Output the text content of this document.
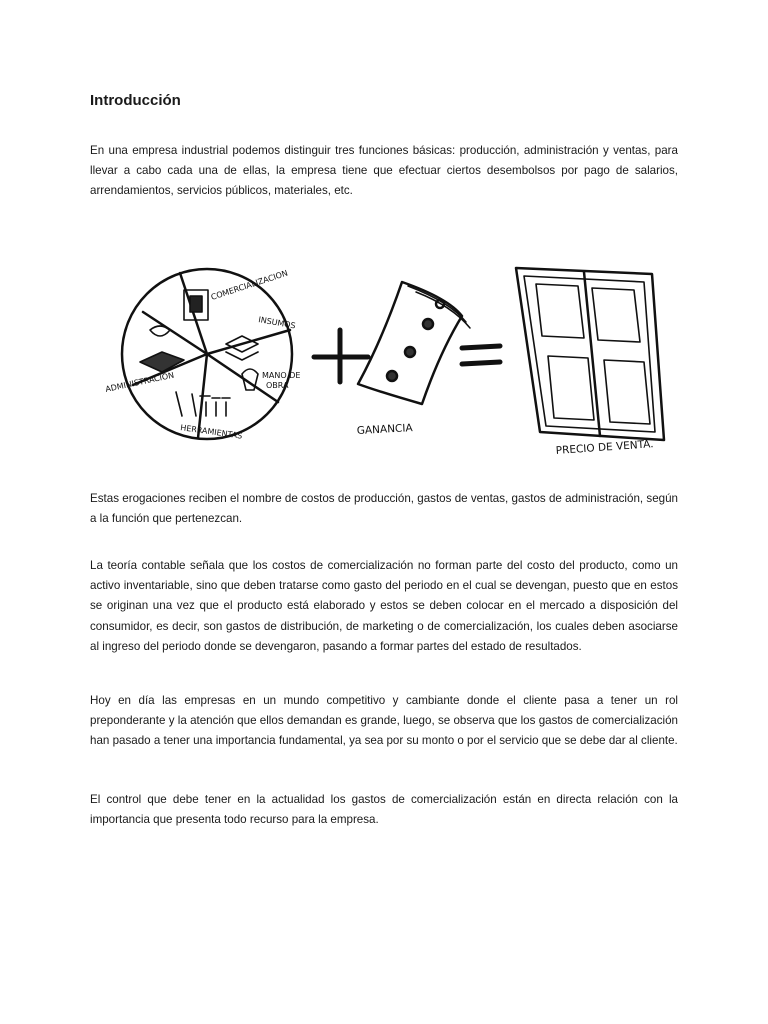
Introducción

En una empresa industrial podemos distinguir tres funciones básicas: producción, administración y ventas, para llevar a cabo cada una de ellas, la empresa tiene que efectuar ciertos desembolsos por pago de salarios, arrendamientos, servicios públicos, materiales, etc.

Estas erogaciones reciben el nombre de costos de producción, gastos de ventas, gastos de administración, según a la función que pertenezcan.

La teoría contable señala que los costos de comercialización no forman parte del costo del producto, como un activo inventariable, sino que deben tratarse como gasto del periodo en el cual se devengan, puesto que en estos se originan una vez que el producto está elaborado y estos se deben colocar en el mercado a disposición del consumidor, es decir, son gastos de distribución, de marketing o de comercialización, los cuales deben asociarse al ingreso del periodo donde se devengaron, pasando a formar partes del estado de resultados.

Hoy en día las empresas en un mundo competitivo y cambiante donde el cliente pasa a tener un rol preponderante y la atención que ellos demandan es grande, luego, se observa que los gastos de comercialización han pasado a tener una importancia fundamental, ya sea por su monto o por el servicio que se debe dar al cliente.

El control que debe tener en la actualidad los gastos de comercialización están en directa relación con la importancia que presenta todo recurso para la empresa.

COMERCIALIZACION
INSUMOS
MANO DE
OBRA
HERRAMIENTAS
ADMINISTRACION
GANANCIA
PRECIO DE VENTA.
